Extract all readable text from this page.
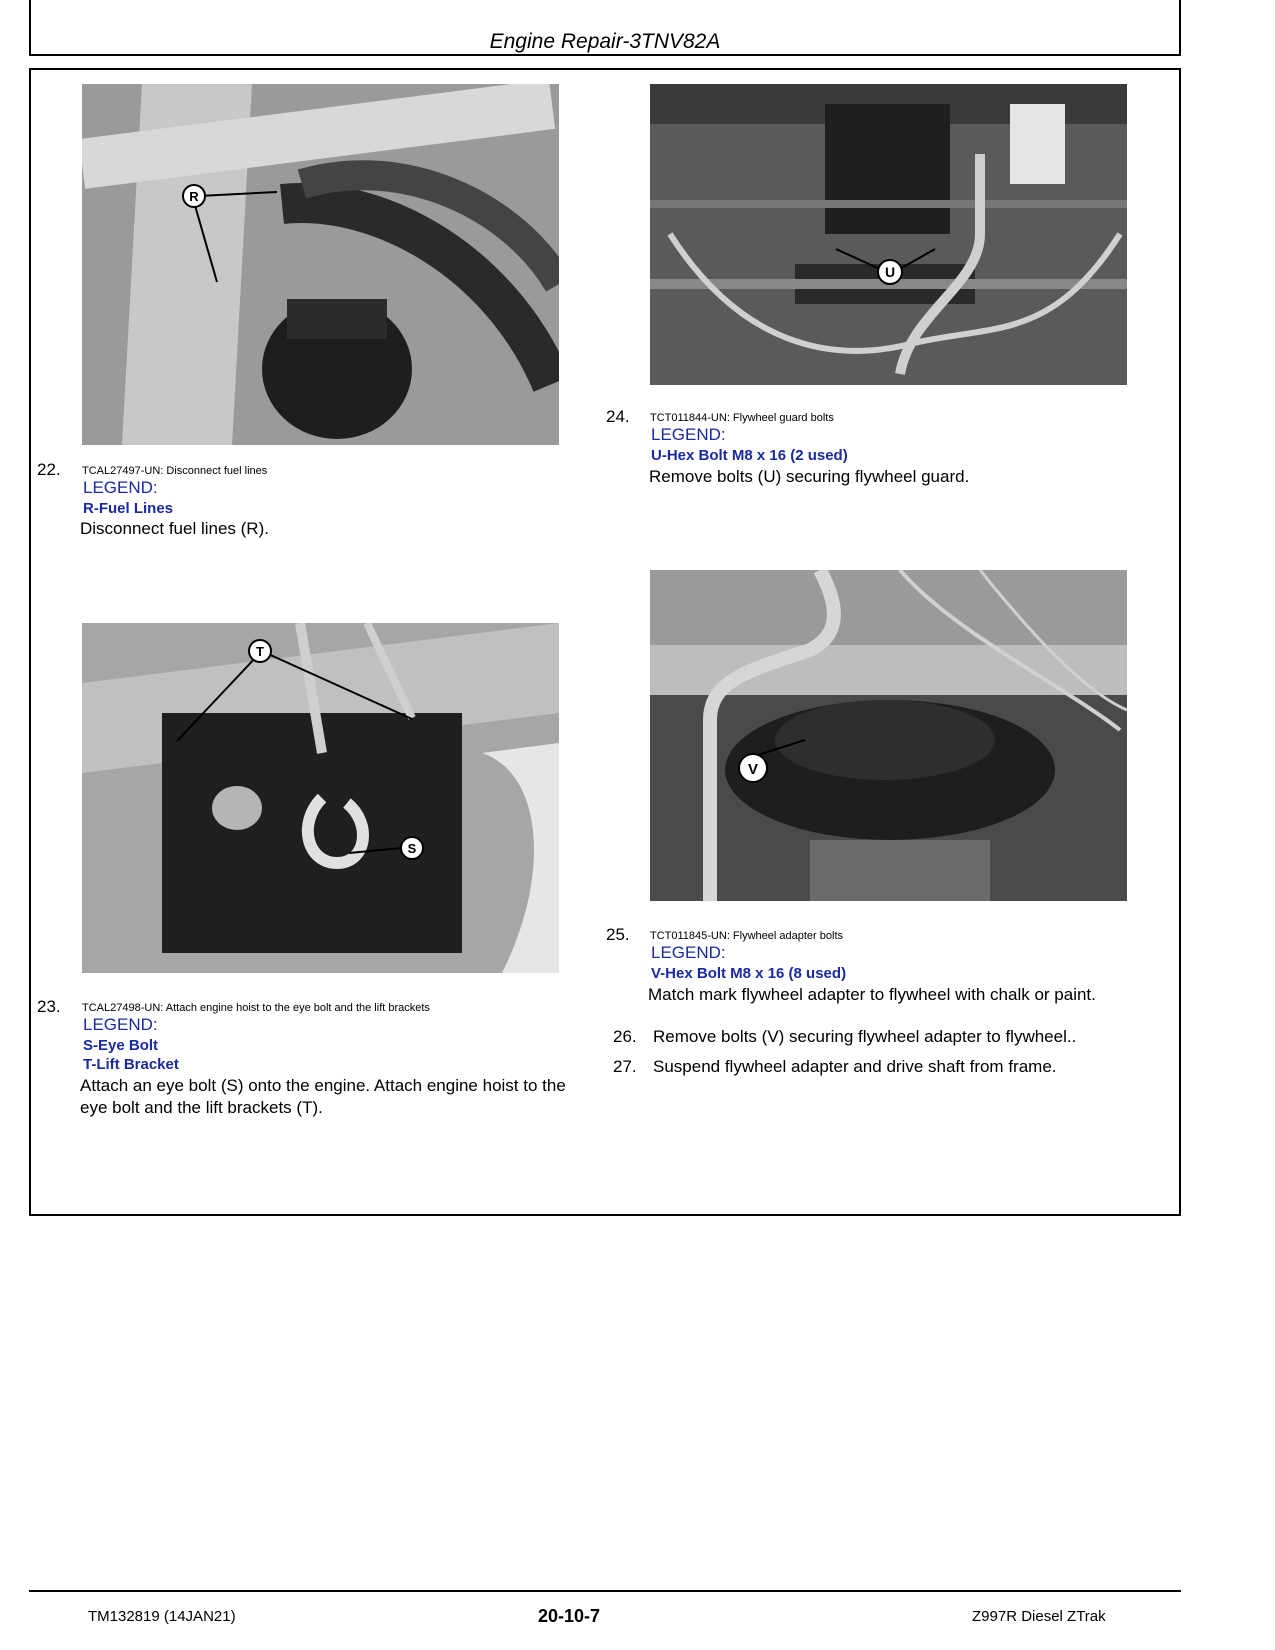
Engine Repair-3TNV82A
R
22. TCAL27497-UN: Disconnect fuel lines
LEGEND:
R-Fuel Lines
Disconnect fuel lines (R).
T
S
23. TCAL27498-UN: Attach engine hoist to the eye bolt and the lift brackets
LEGEND:
S-Eye Bolt
T-Lift Bracket
Attach an eye bolt (S) onto the engine. Attach engine hoist to the eye bolt and the lift brackets (T).
U
24. TCT011844-UN: Flywheel guard bolts
LEGEND:
U-Hex Bolt M8 x 16 (2 used)
Remove bolts (U) securing flywheel guard.
V
25. TCT011845-UN: Flywheel adapter bolts
LEGEND:
V-Hex Bolt M8 x 16 (8 used)
Match mark flywheel adapter to flywheel with chalk or paint.
26. Remove bolts (V) securing flywheel adapter to flywheel..
27. Suspend flywheel adapter and drive shaft from frame.
TM132819 (14JAN21)	20-10-7	Z997R Diesel ZTrak
